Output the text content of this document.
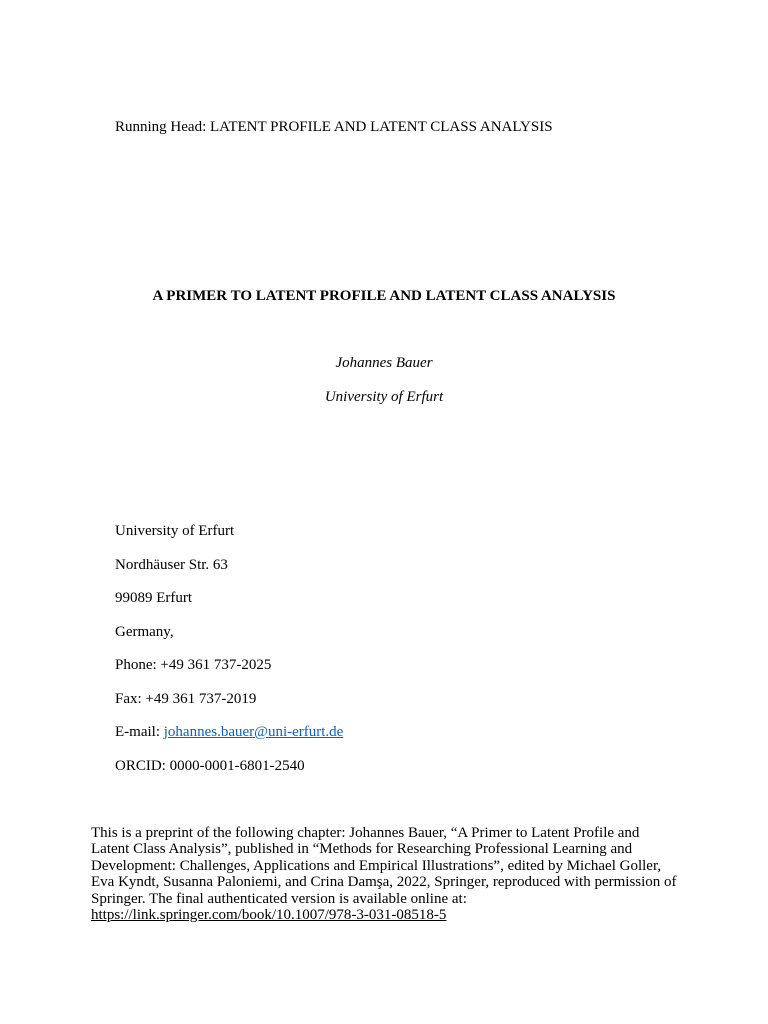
Running Head: LATENT PROFILE AND LATENT CLASS ANALYSIS
A PRIMER TO LATENT PROFILE AND LATENT CLASS ANALYSIS
Johannes Bauer
University of Erfurt
University of Erfurt
Nordhäuser Str. 63
99089 Erfurt
Germany,
Phone: +49 361 737-2025
Fax: +49 361 737-2019
E-mail: johannes.bauer@uni-erfurt.de
ORCID: 0000-0001-6801-2540

This is a preprint of the following chapter: Johannes Bauer, “A Primer to Latent Profile and Latent Class Analysis”, published in “Methods for Researching Professional Learning and Development: Challenges, Applications and Empirical Illustrations”, edited by Michael Goller, Eva Kyndt, Susanna Paloniemi, and Crina Damşa, 2022, Springer, reproduced with permission of Springer. The final authenticated version is available online at:
https://link.springer.com/book/10.1007/978-3-031-08518-5
